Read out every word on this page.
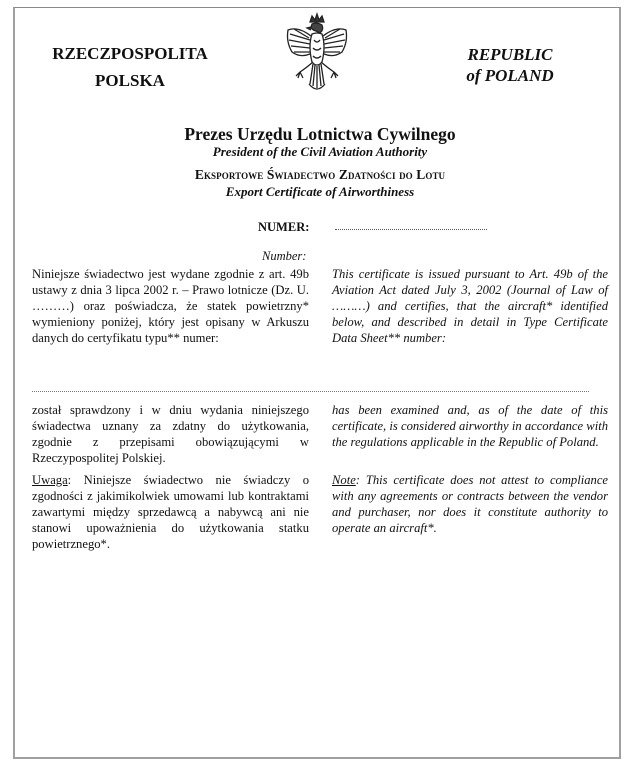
RZECZPOSPOLITA
POLSKA
REPUBLIC
of POLAND
Prezes Urzędu Lotnictwa Cywilnego
President of the Civil Aviation Authority
Eksportowe Świadectwo Zdatności do Lotu
Export Certificate of Airworthiness
NUMER:
Number:

Niniejsze świadectwo jest wydane zgodnie z art. 49b ustawy z dnia 3 lipca 2002 r. – Prawo lotnicze (Dz. U. ………) oraz poświadcza, że statek powietrzny* wymieniony poniżej, który jest opisany w Arkuszu danych do certyfikatu typu** numer:

This certificate is issued pursuant to Art. 49b of the Aviation Act dated July 3, 2002 (Journal of Law of ………) and certifies, that the aircraft* identified below, and described in detail in Type Certificate Data Sheet** number:

został sprawdzony i w dniu wydania niniejszego świadectwa uznany za zdatny do użytkowania, zgodnie z przepisami obowiązującymi w Rzeczypospolitej Polskiej.

has been examined and, as of the date of this certificate, is considered airworthy in accordance with the regulations applicable in the Republic of Poland.

Uwaga: Niniejsze świadectwo nie świadczy o zgodności z jakimikolwiek umowami lub kontraktami zawartymi między sprzedawcą a nabywcą ani nie stanowi upoważnienia do użytkowania statku powietrznego*.

Note: This certificate does not attest to compliance with any agreements or contracts between the vendor and purchaser, nor does it constitute authority to operate an aircraft*.
